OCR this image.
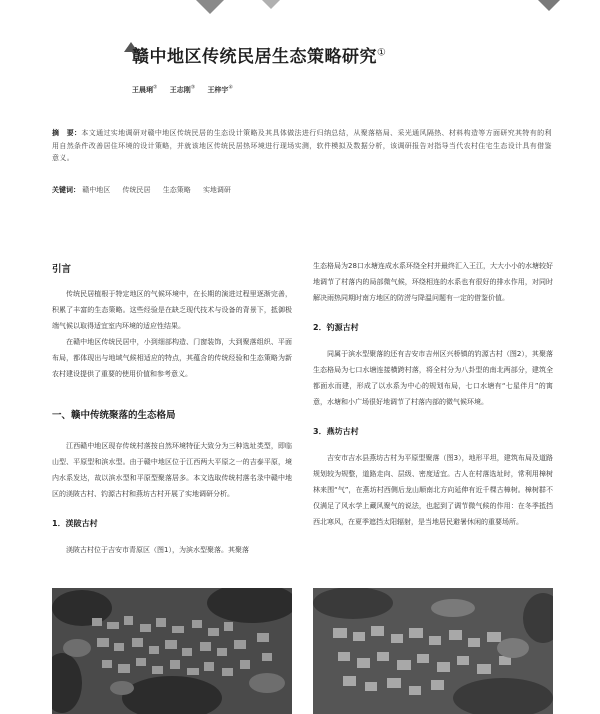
赣中地区传统民居生态策略研究①
王晨琍② 王志刚③ 王梓宇④
摘　要：本文通过实地调研对赣中地区传统民居的生态设计策略及其具体做法进行归纳总结，从聚落格局、采光通风隔热、材料构造等方面研究其特有的利用自然条件改善居住环境的设计策略，并就该地区传统民居热环境进行现场实测，软件模拟及数据分析，该调研报告对指导当代农村住宅生态设计具有借鉴意义。
关键词： 赣中地区 传统民居 生态策略 实地调研
引言

传统民居植根于特定地区的气候环境中，在长期的演进过程里逐渐完善，积累了丰富的生态策略。这些经验是在缺乏现代技术与设备的背景下，抵御极端气候以取得适宜室内环境的适应性结果。

在赣中地区传统民居中，小到细部构造、门窗装饰，大到聚落组织、平面布局，都体现出与地域气候相适应的特点，其蕴含的传统经验和生态策略为新农村建设提供了重要的使用价值和参考意义。

一、赣中传统聚落的生态格局

江西赣中地区现存传统村落按自然环境特征大致分为三种选址类型，即临山型、平原型和滨水型。由于赣中地区位于江西两大平原之一的吉泰平原，境内水系发达，故以滨水型和平原型聚落居多。本文选取传统村落名录中赣中地区的渼陂古村、钓源古村和燕坊古村开展了实地调研分析。

1．渼陂古村

渼陂古村位于吉安市青原区（图1），为滨水型聚落。其聚落

生态格局为28口水塘连成水系环绕全村并最终汇入王江，大大小小的水塘较好地调节了村落内的局部微气候，环绕相连的水系也有很好的排水作用，对同时解决雨热同期时南方地区的防涝与降温问题有一定的借鉴价值。

2．钓源古村

同属于滨水型聚落的还有吉安市吉州区兴桥镇的钓源古村（图2），其聚落生态格局为七口水塘连接横跨村落，将全村分为八卦型的南北两部分，建筑全都面水而建，形成了以水系为中心的规划布局，七口水塘有“七星伴月”的寓意，水塘和小广场很好地调节了村落内部的微气候环境。

3．燕坊古村

吉安市吉水县燕坊古村为平原型聚落（图3），地形平坦，建筑布局及道路规划较为规整，道路走向、层级、密度适宜。古人在村落选址时，常利用樟树林来围“气”，在燕坊村西侧后龙山顺南北方向延伸有近千棵古樟树。樟树群不仅满足了风水学上藏风聚气的说法，也起到了调节微气候的作用：在冬季抵挡西北寒风，在夏季遮挡太阳辐射，是当地居民避暑休闲的重要场所。
